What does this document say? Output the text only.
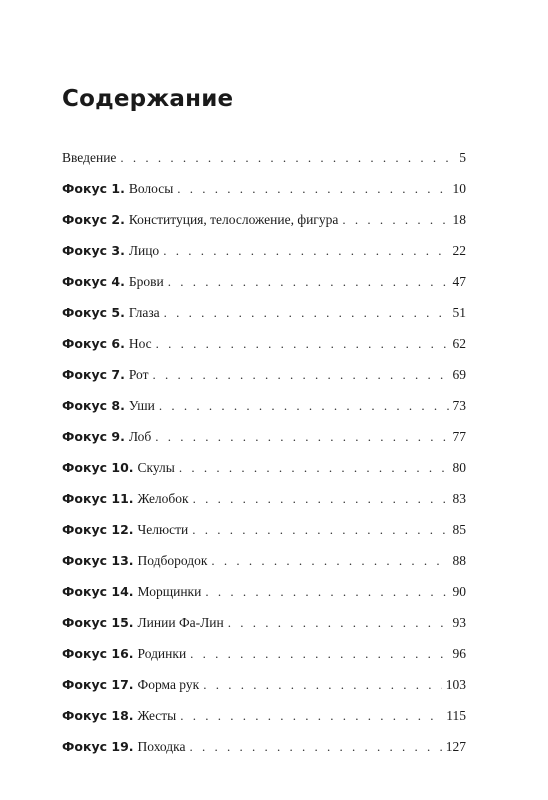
Содержание
Введение . . .	5
Фокус 1. Волосы . . .	10
Фокус 2. Конституция, телосложение, фигура . . .	18
Фокус 3. Лицо . . .	22
Фокус 4. Брови . . .	47
Фокус 5. Глаза . . .	51
Фокус 6. Нос . . .	62
Фокус 7. Рот . . .	69
Фокус 8. Уши . . .	73
Фокус 9. Лоб . . .	77
Фокус 10. Скулы . . .	80
Фокус 11. Желобок . . .	83
Фокус 12. Челюсти . . .	85
Фокус 13. Подбородок . . .	88
Фокус 14. Морщинки . . .	90
Фокус 15. Линии Фа-Лин . . .	93
Фокус 16. Родинки . . .	96
Фокус 17. Форма рук . . .	103
Фокус 18. Жесты . . .	115
Фокус 19. Походка . . .	127
